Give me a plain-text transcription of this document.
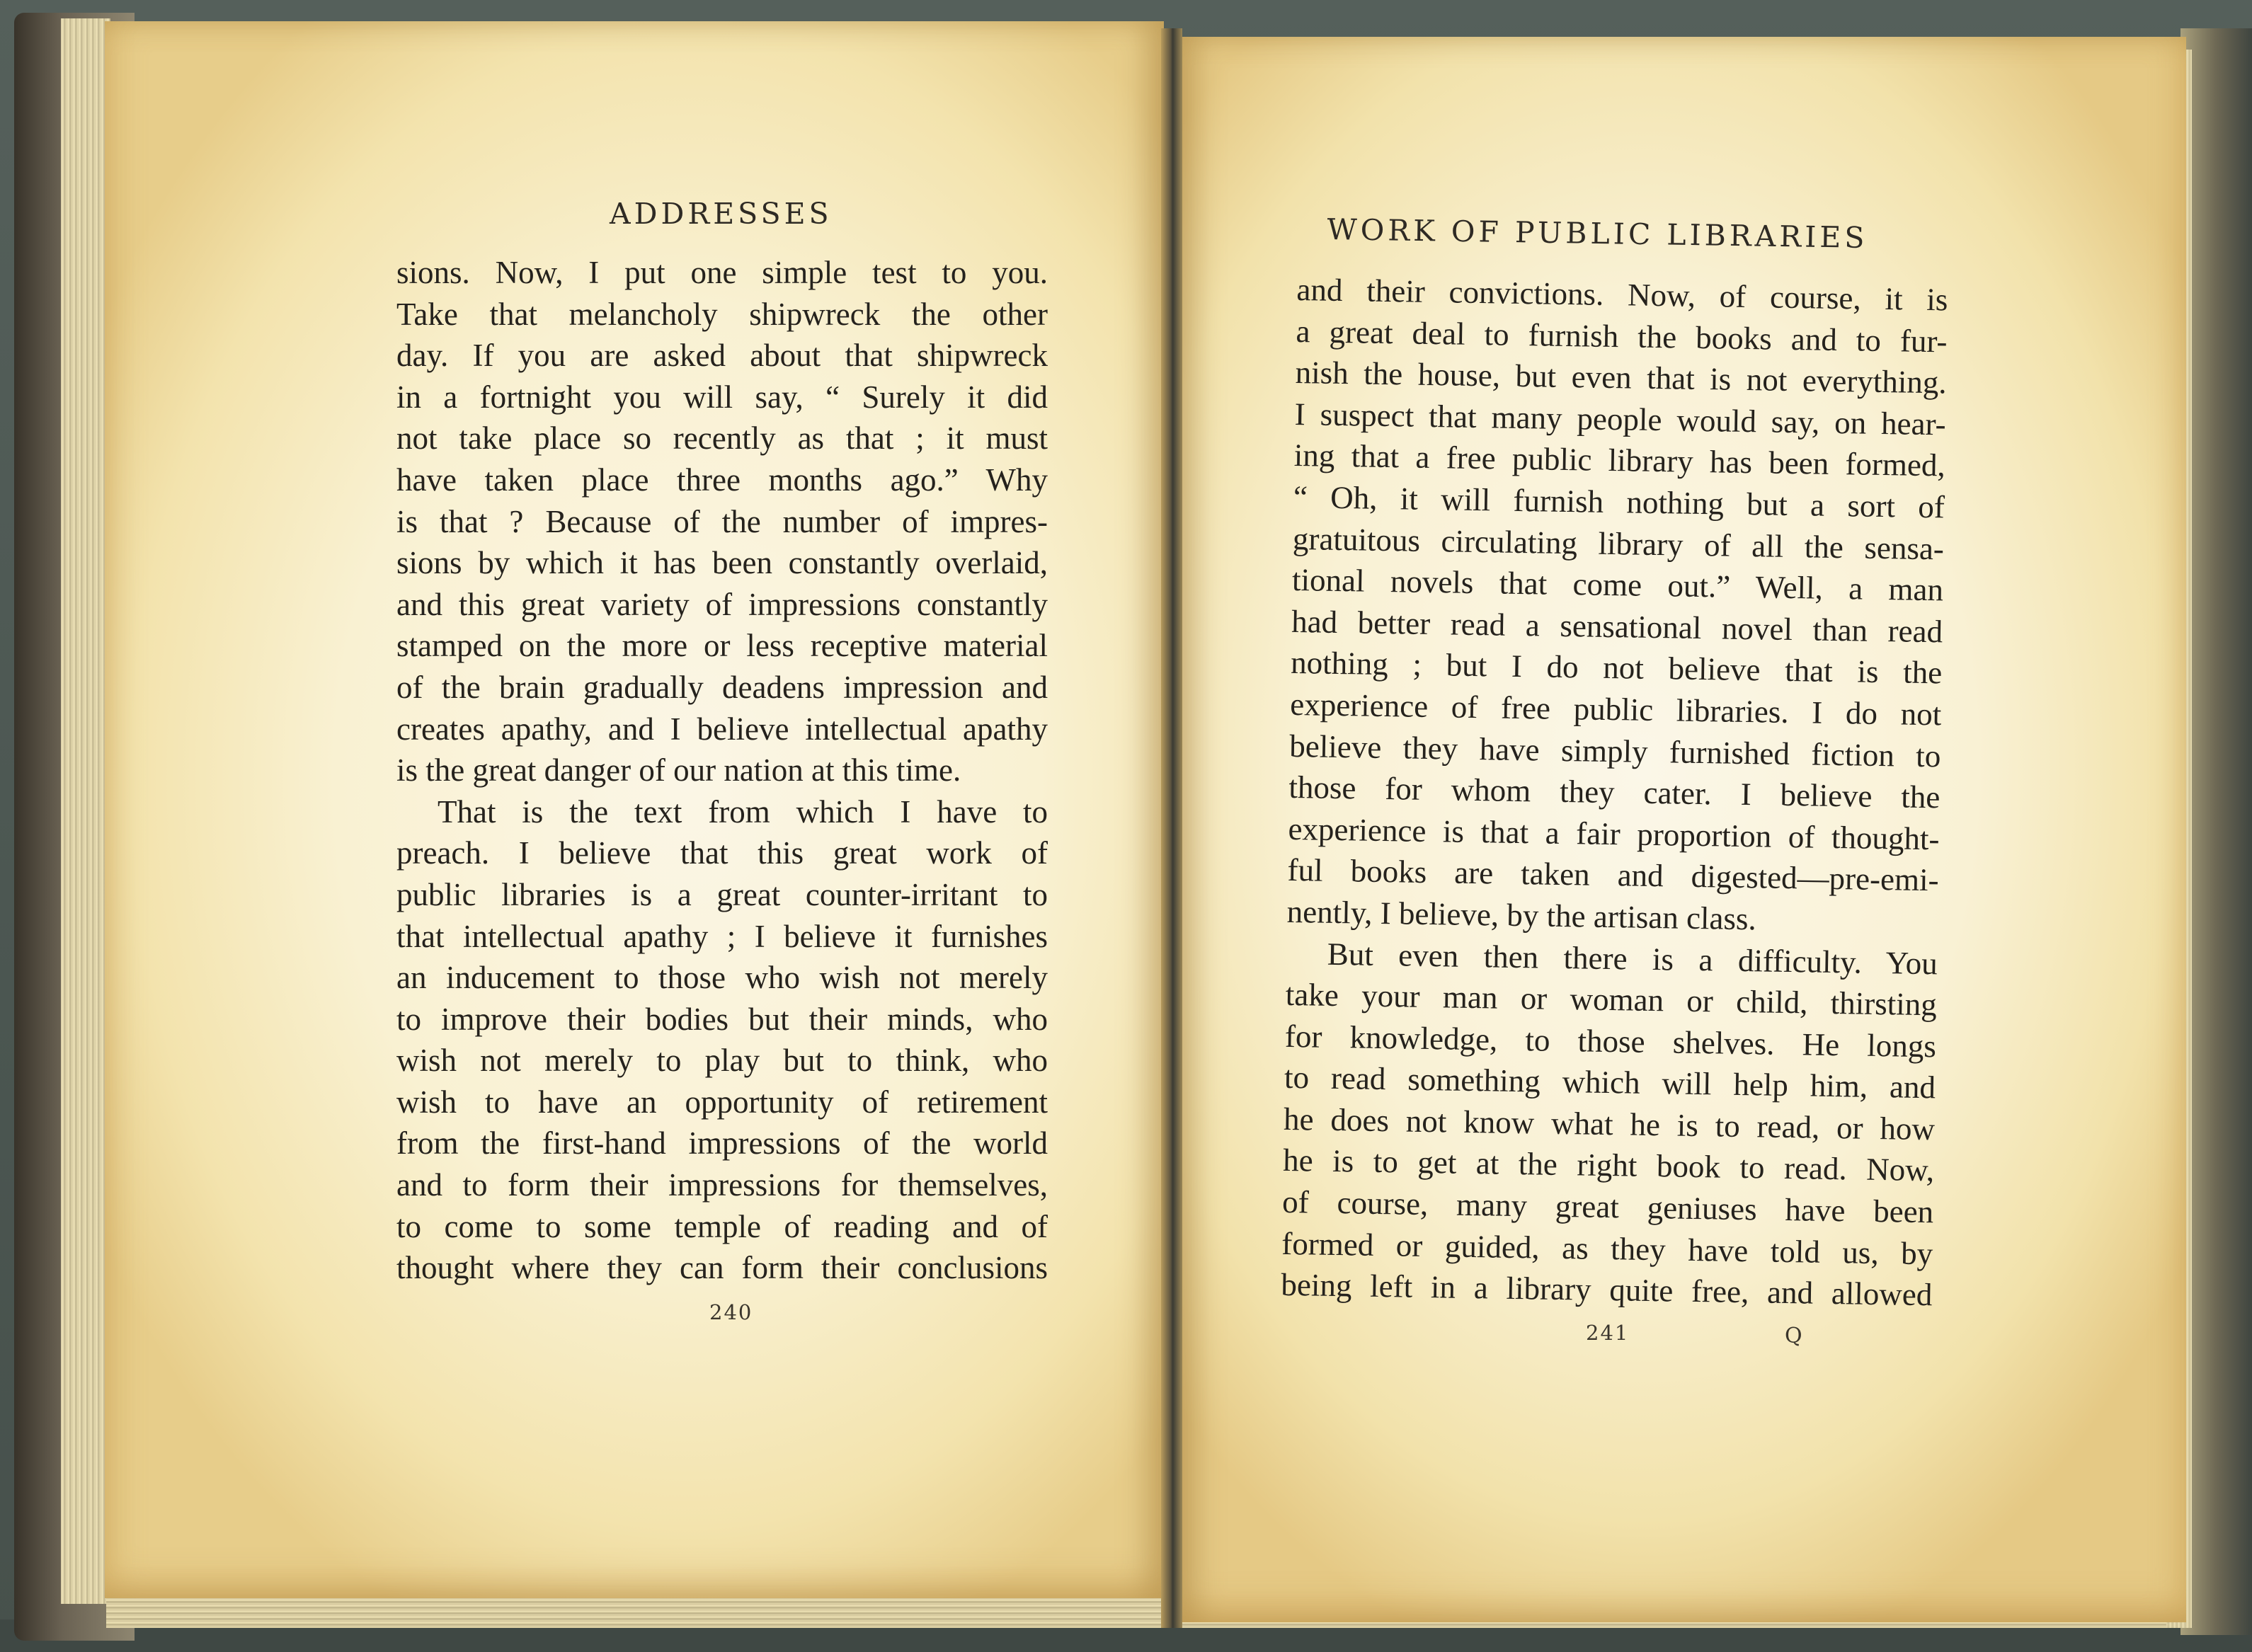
ADDRESSES	WORK OF PUBLIC LIBRARIES
sions. Now, I put one simple test to you.
Take that melancholy shipwreck the other
day. If you are asked about that shipwreck
in a fortnight you will say, “ Surely it did
not take place so recently as that ; it must
have taken place three months ago.” Why
is that ? Because of the number of impres-
sions by which it has been constantly overlaid,
and this great variety of impressions constantly
stamped on the more or less receptive material
of the brain gradually deadens impression and
creates apathy, and I believe intellectual apathy
is the great danger of our nation at this time.
That is the text from which I have to
preach. I believe that this great work of
public libraries is a great counter-irritant to
that intellectual apathy ; I believe it furnishes
an inducement to those who wish not merely
to improve their bodies but their minds, who
wish not merely to play but to think, who
wish to have an opportunity of retirement
from the first-hand impressions of the world
and to form their impressions for themselves,
to come to some temple of reading and of
thought where they can form their conclusions
and their convictions. Now, of course, it is
a great deal to furnish the books and to fur-
nish the house, but even that is not everything.
I suspect that many people would say, on hear-
ing that a free public library has been formed,
“ Oh, it will furnish nothing but a sort of
gratuitous circulating library of all the sensa-
tional novels that come out.” Well, a man
had better read a sensational novel than read
nothing ; but I do not believe that is the
experience of free public libraries. I do not
believe they have simply furnished fiction to
those for whom they cater. I believe the
experience is that a fair proportion of thought-
ful books are taken and digested—pre-emi-
nently, I believe, by the artisan class.
But even then there is a difficulty. You
take your man or woman or child, thirsting
for knowledge, to those shelves. He longs
to read something which will help him, and
he does not know what he is to read, or how
he is to get at the right book to read. Now,
of course, many great geniuses have been
formed or guided, as they have told us, by
being left in a library quite free, and allowed
240
241	Q
